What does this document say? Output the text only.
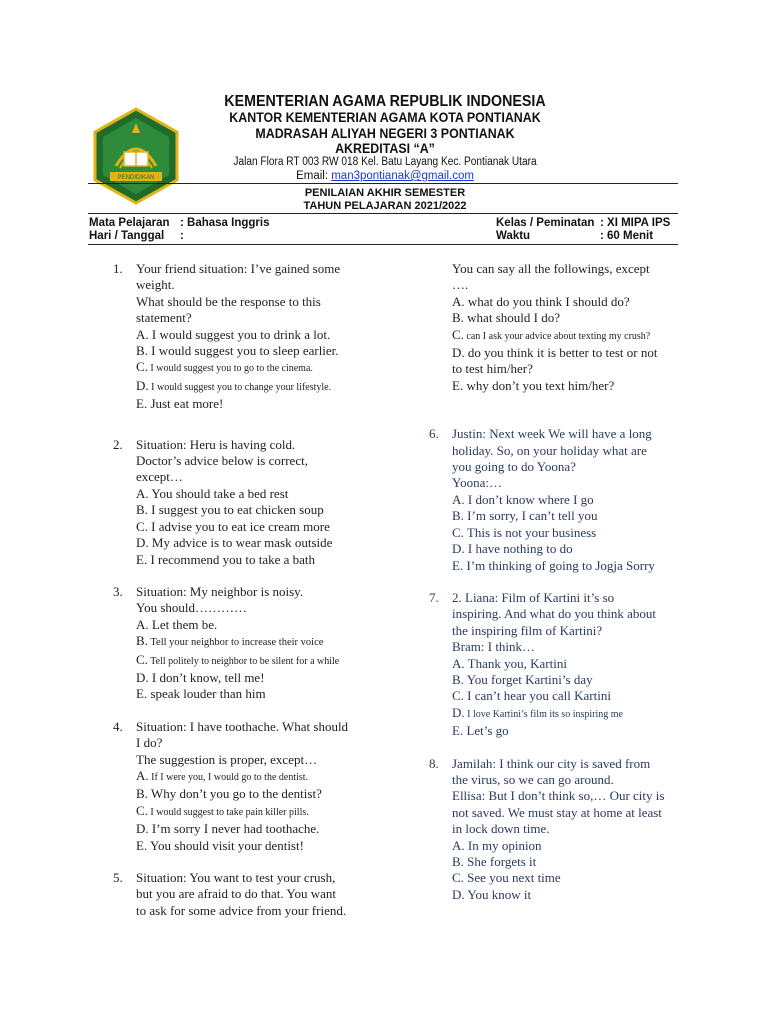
PENDIDIKAN
KEMENTERIAN AGAMA REPUBLIK INDONESIA
KANTOR KEMENTERIAN AGAMA KOTA PONTIANAK
MADRASAH ALIYAH NEGERI 3 PONTIANAK
AKREDITASI “A”
Jalan Flora RT 003 RW 018 Kel. Batu Layang Kec. Pontianak Utara
Email: man3pontianak@gmail.com
PENILAIAN AKHIR SEMESTER
TAHUN PELAJARAN 2021/2022
Mata Pelajaran : Bahasa Inggris
Hari / Tanggal :
Kelas / Peminatan : XI MIPA IPS
Waktu	: 60 Menit
1. Your friend situation: I’ve gained some
weight.
What should be the response to this
statement?
A. I would suggest you to drink a lot.
B. I would suggest you to sleep earlier.
C. I would suggest you to go to the cinema.
D. I would suggest you to change your lifestyle.
E. Just eat more!
2. Situation: Heru is having cold.
Doctor’s advice below is correct,
except…
A. You should take a bed rest
B. I suggest you to eat chicken soup
C. I advise you to eat ice cream more
D. My advice is to wear mask outside
E. I recommend you to take a bath
3. Situation: My neighbor is noisy.
You should…………
A. Let them be.
B. Tell your neighbor to increase their voice
C. Tell politely to neighbor to be silent for a while
D. I don’t know, tell me!
E. speak louder than him
4. Situation: I have toothache. What should
I do?
The suggestion is proper, except…
A. If I were you, I would go to the dentist.
B. Why don’t you go to the dentist?
C. I would suggest to take pain killer pills.
D. I’m sorry I never had toothache.
E. You should visit your dentist!
5. Situation: You want to test your crush,
but you are afraid to do that. You want
to ask for some advice from your friend.
You can say all the followings, except
….
A. what do you think I should do?
B. what should I do?
C. can I ask your advice about texting my crush?
D. do you think it is better to test or not
to test him/her?
E. why don’t you text him/her?
6. Justin: Next week We will have a long
holiday. So, on your holiday what are
you going to do Yoona?
Yoona:…
A. I don’t know where I go
B. I’m sorry, I can’t tell you
C. This is not your business
D. I have nothing to do
E. I’m thinking of going to Jogja Sorry
7. 2. Liana: Film of Kartini it’s so
inspiring. And what do you think about
the inspiring film of Kartini?
Bram: I think…
A. Thank you, Kartini
B. You forget Kartini’s day
C. I can’t hear you call Kartini
D. I love Kartini’s film its so inspiring me
E. Let’s go
8. Jamilah: I think our city is saved from
the virus, so we can go around.
Ellisa: But I don’t think so,… Our city is
not saved. We must stay at home at least
in lock down time.
A. In my opinion
B. She forgets it
C. See you next time
D. You know it
